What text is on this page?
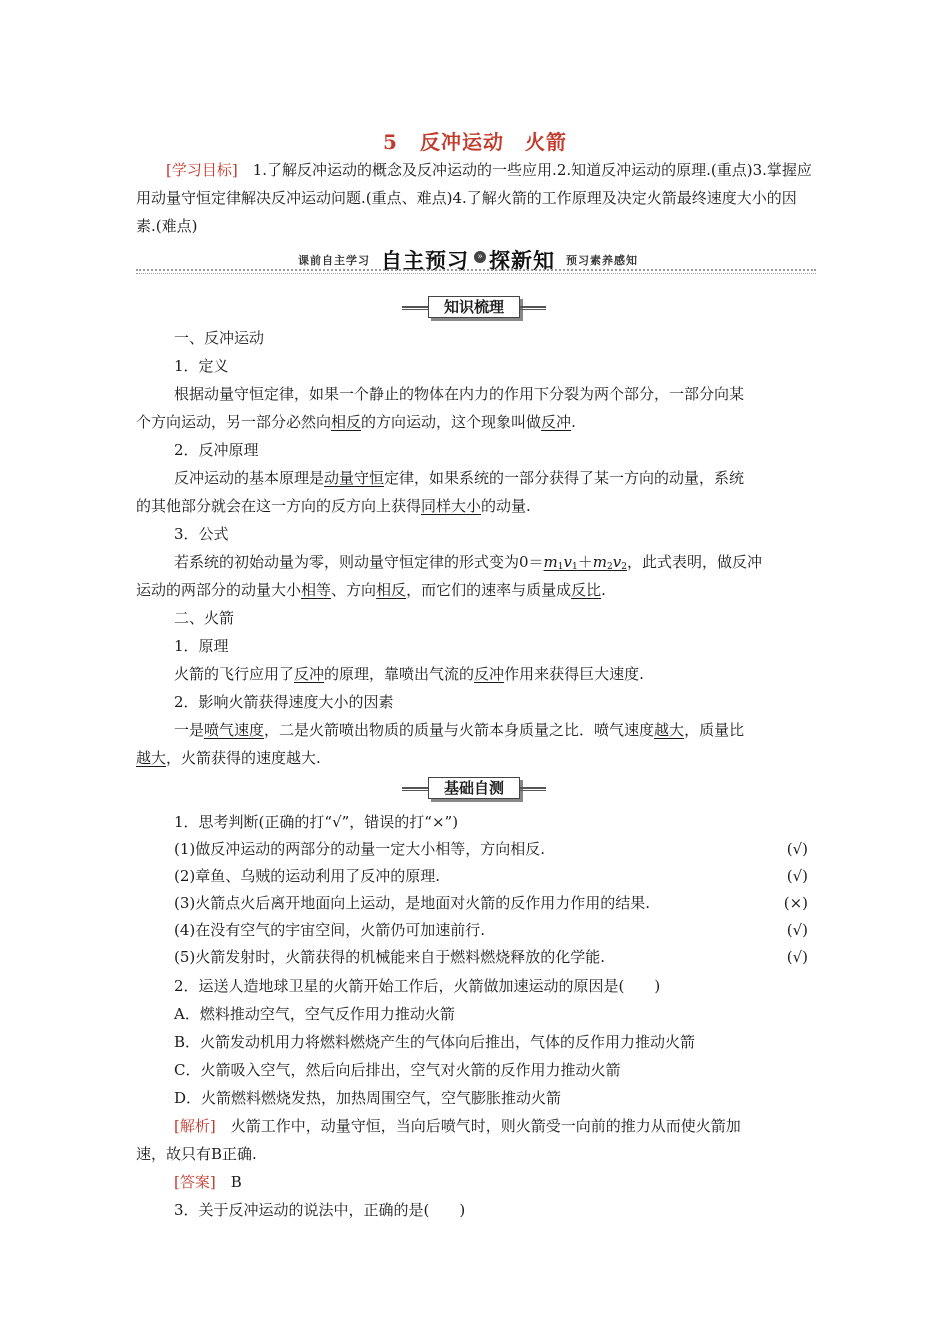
5 反冲运动　火箭
[学习目标]　 1.了解反冲运动的概念及反冲运动的一些应用.2.知道反冲运动的原理.(重点)3.掌握应用动量守恒定律解决反冲运动问题.(重点、难点)4.了解火箭的工作原理及决定火箭最终速度大小的因素.(难点)
课前自主学习 自主预习 » 探新知 预习素养感知
知识梳理
一、反冲运动
1．定义
根据动量守恒定律，如果一个静止的物体在内力的作用下分裂为两个部分，一部分向某
个方向运动，另一部分必然向相反的方向运动，这个现象叫做反冲.
2．反冲原理
反冲运动的基本原理是动量守恒定律，如果系统的一部分获得了某一方向的动量，系统
的其他部分就会在这一方向的反方向上获得同样大小的动量.
3．公式
若系统的初始动量为零，则动量守恒定律的形式变为$0=m_1v_1+m_2v_2$，此式表明，做反冲
运动的两部分的动量大小相等、方向相反，而它们的速率与质量成反比.
二、火箭
1．原理
火箭的飞行应用了反冲的原理，靠喷出气流的反冲作用来获得巨大速度.
2．影响火箭获得速度大小的因素
一是喷气速度，二是火箭喷出物质的质量与火箭本身质量之比．喷气速度越大，质量比
越大，火箭获得的速度越大.
基础自测
1．思考判断(正确的打“√”，错误的打“×”)
(1)做反冲运动的两部分的动量一定大小相等，方向相反.	(√)
(2)章鱼、乌贼的运动利用了反冲的原理.	(√)
(3)火箭点火后离开地面向上运动，是地面对火箭的反作用力作用的结果.	(×)
(4)在没有空气的宇宙空间，火箭仍可加速前行.	(√)
(5)火箭发射时，火箭获得的机械能来自于燃料燃烧释放的化学能.	(√)
2．运送人造地球卫星的火箭开始工作后，火箭做加速运动的原因是(　　)
A．燃料推动空气，空气反作用力推动火箭
B．火箭发动机用力将燃料燃烧产生的气体向后推出，气体的反作用力推动火箭
C．火箭吸入空气，然后向后排出，空气对火箭的反作用力推动火箭
D．火箭燃料燃烧发热，加热周围空气，空气膨胀推动火箭
[解析]　火箭工作中，动量守恒，当向后喷气时，则火箭受一向前的推力从而使火箭加
速，故只有B正确.
[答案]　B
3．关于反冲运动的说法中，正确的是(　　)
